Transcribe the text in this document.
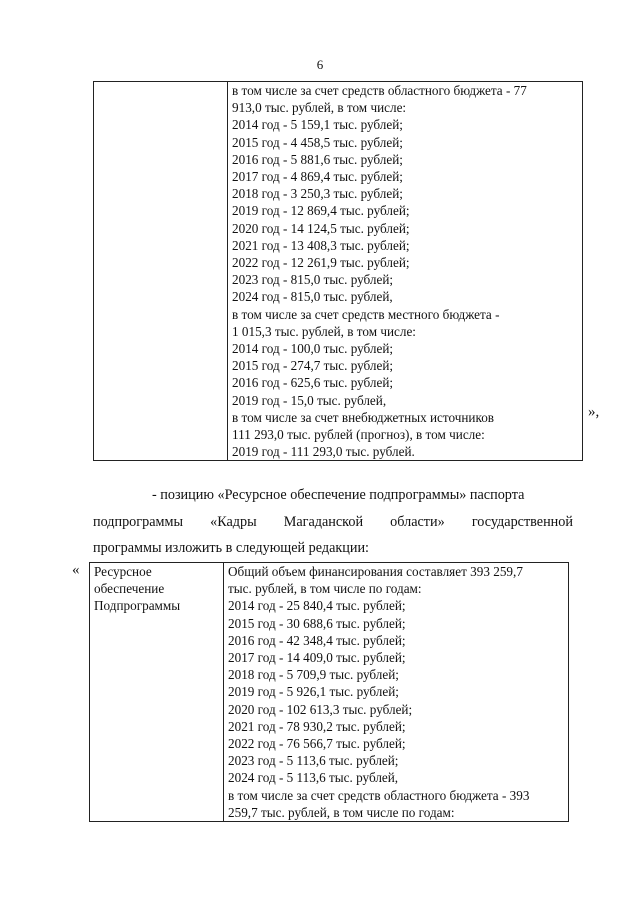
6

в том числе за счет средств областного бюджета - 77
913,0 тыс. рублей, в том числе:
2014 год - 5 159,1 тыс. рублей;
2015 год - 4 458,5 тыс. рублей;
2016 год - 5 881,6 тыс. рублей;
2017 год - 4 869,4 тыс. рублей;
2018 год - 3 250,3 тыс. рублей;
2019 год - 12 869,4 тыс. рублей;
2020 год - 14 124,5 тыс. рублей;
2021 год - 13 408,3 тыс. рублей;
2022 год - 12 261,9 тыс. рублей;
2023 год - 815,0 тыс. рублей;
2024 год - 815,0 тыс. рублей,
в том числе за счет средств местного бюджета -
1 015,3 тыс. рублей, в том числе:
2014 год - 100,0 тыс. рублей;
2015 год - 274,7 тыс. рублей;
2016 год - 625,6 тыс. рублей;
2019 год - 15,0 тыс. рублей,
в том числе за счет внебюджетных источников
111 293,0 тыс. рублей (прогноз), в том числе:
2019 год - 111 293,0 тыс. рублей.
»,
- позицию «Ресурсное обеспечение подпрограммы» паспорта
подпрограммы «Кадры Магаданской области» государственной
программы изложить в следующей редакции:
« Ресурсное
обеспечение
Подпрограммы

Общий объем финансирования составляет 393 259,7
тыс. рублей, в том числе по годам:
2014 год - 25 840,4 тыс. рублей;
2015 год - 30 688,6 тыс. рублей;
2016 год - 42 348,4 тыс. рублей;
2017 год - 14 409,0 тыс. рублей;
2018 год - 5 709,9 тыс. рублей;
2019 год - 5 926,1 тыс. рублей;
2020 год - 102 613,3 тыс. рублей;
2021 год - 78 930,2 тыс. рублей;
2022 год - 76 566,7 тыс. рублей;
2023 год - 5 113,6 тыс. рублей;
2024 год - 5 113,6 тыс. рублей,
в том числе за счет средств областного бюджета - 393
259,7 тыс. рублей, в том числе по годам:
